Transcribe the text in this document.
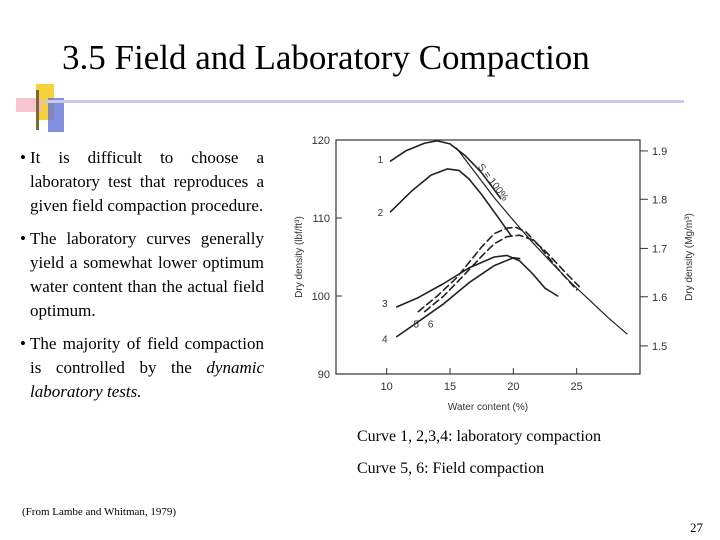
3.5 Field and Laboratory Compaction
• It is difficult to choose a laboratory test that reproduces a given field compaction procedure.
• The laboratory curves generally yield a somewhat lower optimum water content than the actual field optimum.
• The majority of field compaction is controlled by the dynamic laboratory tests.	10	15	20	25
90
100
110
120
1.5
1.6
1.7
1.8
1.9
Water content (%)
Dry density (lbf/ft³)	Dry density (Mg/m³)
S = 100%
1
2
3
4
5 6
Curve 1, 2,3,4: laboratory compaction
Curve 5, 6: Field compaction
(From Lambe and Whitman, 1979)
27
